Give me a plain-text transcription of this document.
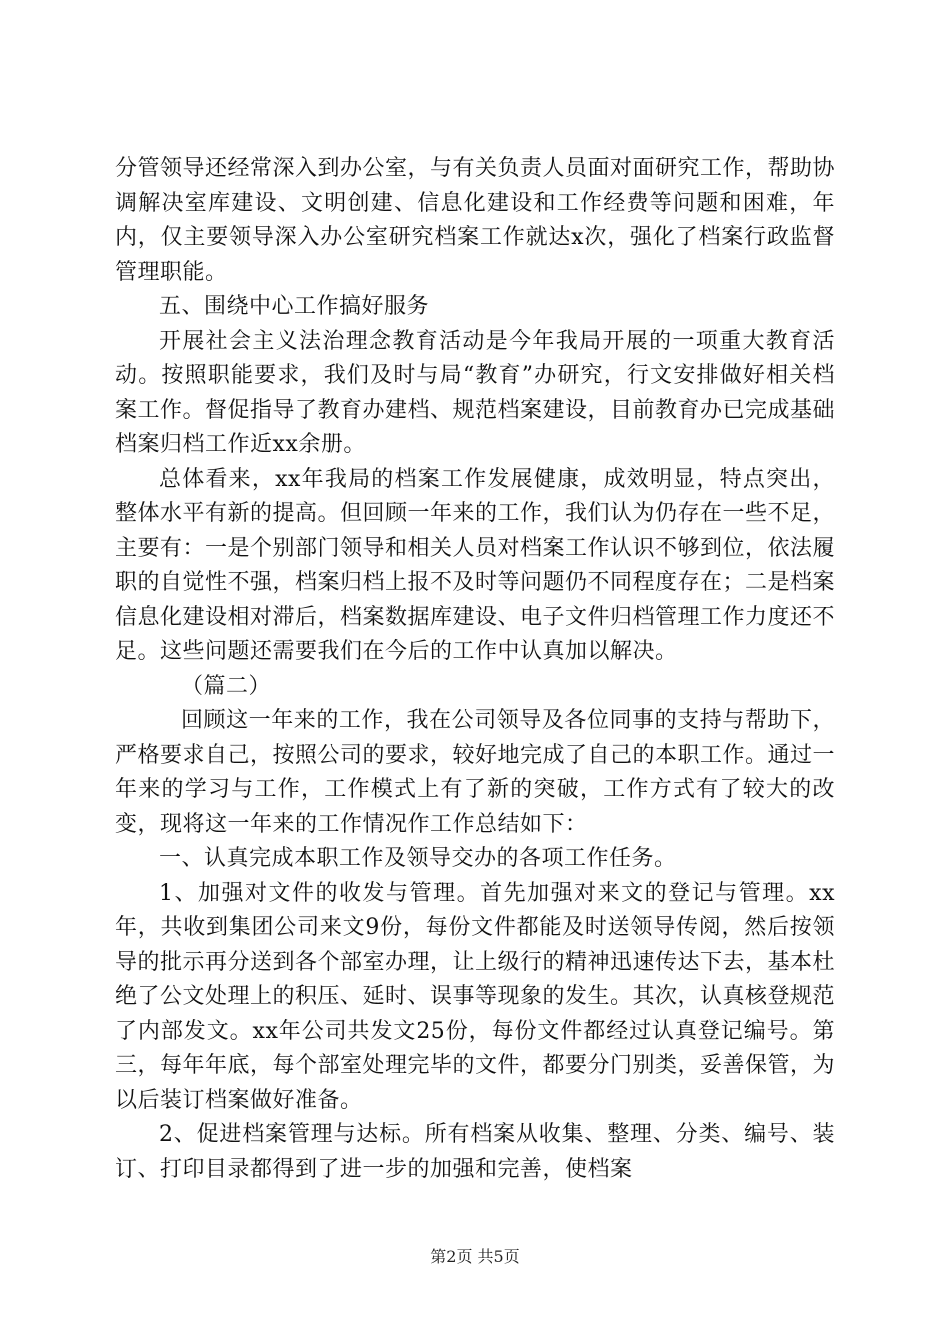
分管领导还经常深入到办公室，与有关负责人员面对面研究工作，帮助协调解决室库建设、文明创建、信息化建设和工作经费等问题和困难，年内，仅主要领导深入办公室研究档案工作就达x次，强化了档案行政监督管理职能。

五、围绕中心工作搞好服务

开展社会主义法治理念教育活动是今年我局开展的一项重大教育活动。按照职能要求，我们及时与局“教育”办研究，行文安排做好相关档案工作。督促指导了教育办建档、规范档案建设，目前教育办已完成基础档案归档工作近xx余册。

总体看来，xx年我局的档案工作发展健康，成效明显，特点突出，整体水平有新的提高。但回顾一年来的工作，我们认为仍存在一些不足，主要有：一是个别部门领导和相关人员对档案工作认识不够到位，依法履职的自觉性不强，档案归档上报不及时等问题仍不同程度存在；二是档案信息化建设相对滞后，档案数据库建设、电子文件归档管理工作力度还不足。这些问题还需要我们在今后的工作中认真加以解决。

（篇二）

回顾这一年来的工作，我在公司领导及各位同事的支持与帮助下，严格要求自己，按照公司的要求，较好地完成了自己的本职工作。通过一年来的学习与工作，工作模式上有了新的突破，工作方式有了较大的改变，现将这一年来的工作情况作工作总结如下：

一、认真完成本职工作及领导交办的各项工作任务。

1、加强对文件的收发与管理。首先加强对来文的登记与管理。xx年，共收到集团公司来文9份，每份文件都能及时送领导传阅，然后按领导的批示再分送到各个部室办理，让上级行的精神迅速传达下去，基本杜绝了公文处理上的积压、延时、误事等现象的发生。其次，认真核登规范了内部发文。xx年公司共发文25份，每份文件都经过认真登记编号。第三，每年年底，每个部室处理完毕的文件，都要分门别类，妥善保管，为以后装订档案做好准备。

2、促进档案管理与达标。所有档案从收集、整理、分类、编号、装订、打印目录都得到了进一步的加强和完善，使档案

第2页 共5页
